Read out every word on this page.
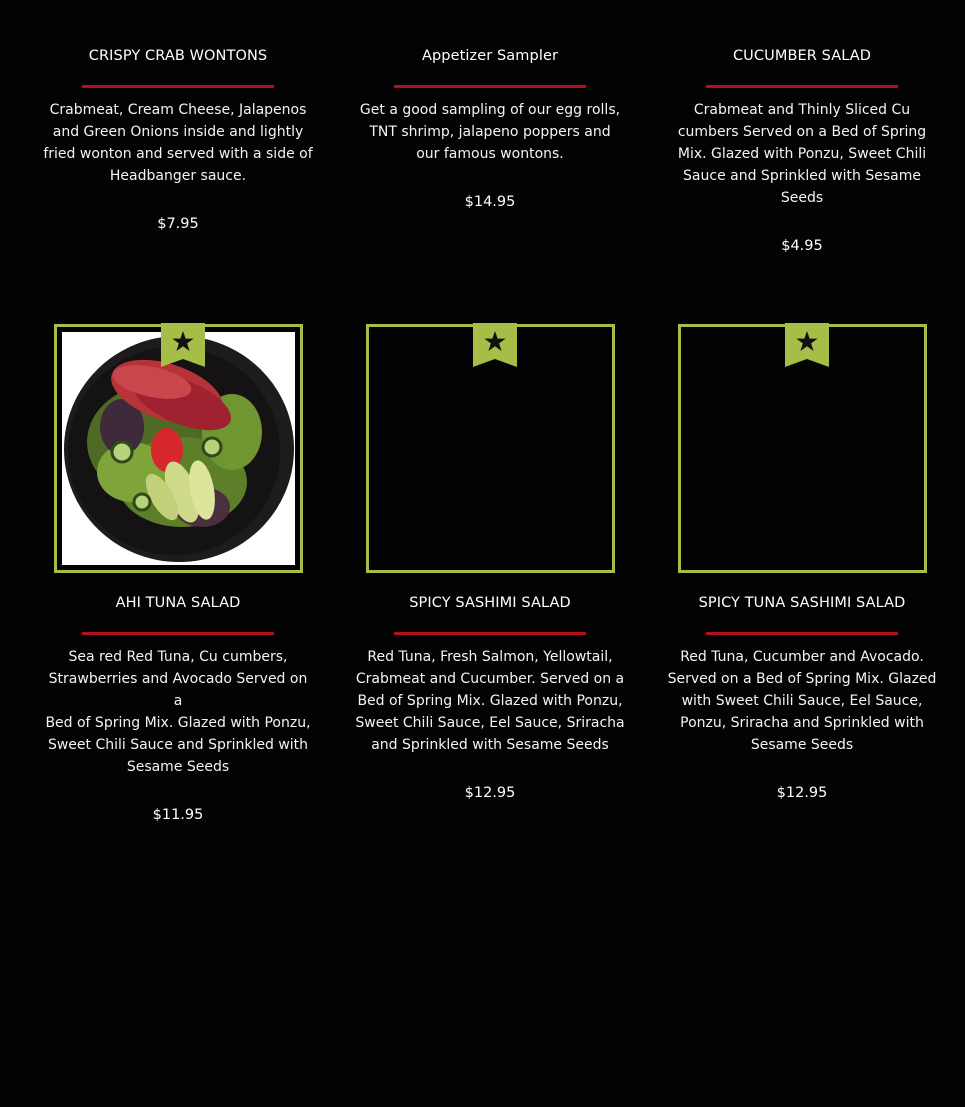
CRISPY CRAB WONTONS
Crabmeat, Cream Cheese, Jalapenos
and Green Onions inside and lightly
fried wonton and served with a side of
Headbanger sauce.
$7.95
Appetizer Sampler
Get a good sampling of our egg rolls,
TNT shrimp, jalapeno poppers and
our famous wontons.
$14.95
CUCUMBER SALAD
Crabmeat and Thinly Sliced Cu
cumbers Served on a Bed of Spring
Mix. Glazed with Ponzu, Sweet Chili
Sauce and Sprinkled with Sesame
Seeds
$4.95
AHI TUNA SALAD
Sea red Red Tuna, Cu cumbers,
Strawberries and Avocado Served on a
Bed of Spring Mix. Glazed with Ponzu,
Sweet Chili Sauce and Sprinkled with
Sesame Seeds
$11.95
SPICY SASHIMI SALAD
Red Tuna, Fresh Salmon, Yellowtail,
Crabmeat and Cucumber. Served on a
Bed of Spring Mix. Glazed with Ponzu,
Sweet Chili Sauce, Eel Sauce, Sriracha
and Sprinkled with Sesame Seeds
$12.95
SPICY TUNA SASHIMI SALAD
Red Tuna, Cucumber and Avocado.
Served on a Bed of Spring Mix. Glazed
with Sweet Chili Sauce, Eel Sauce,
Ponzu, Sriracha and Sprinkled with
Sesame Seeds
$12.95
